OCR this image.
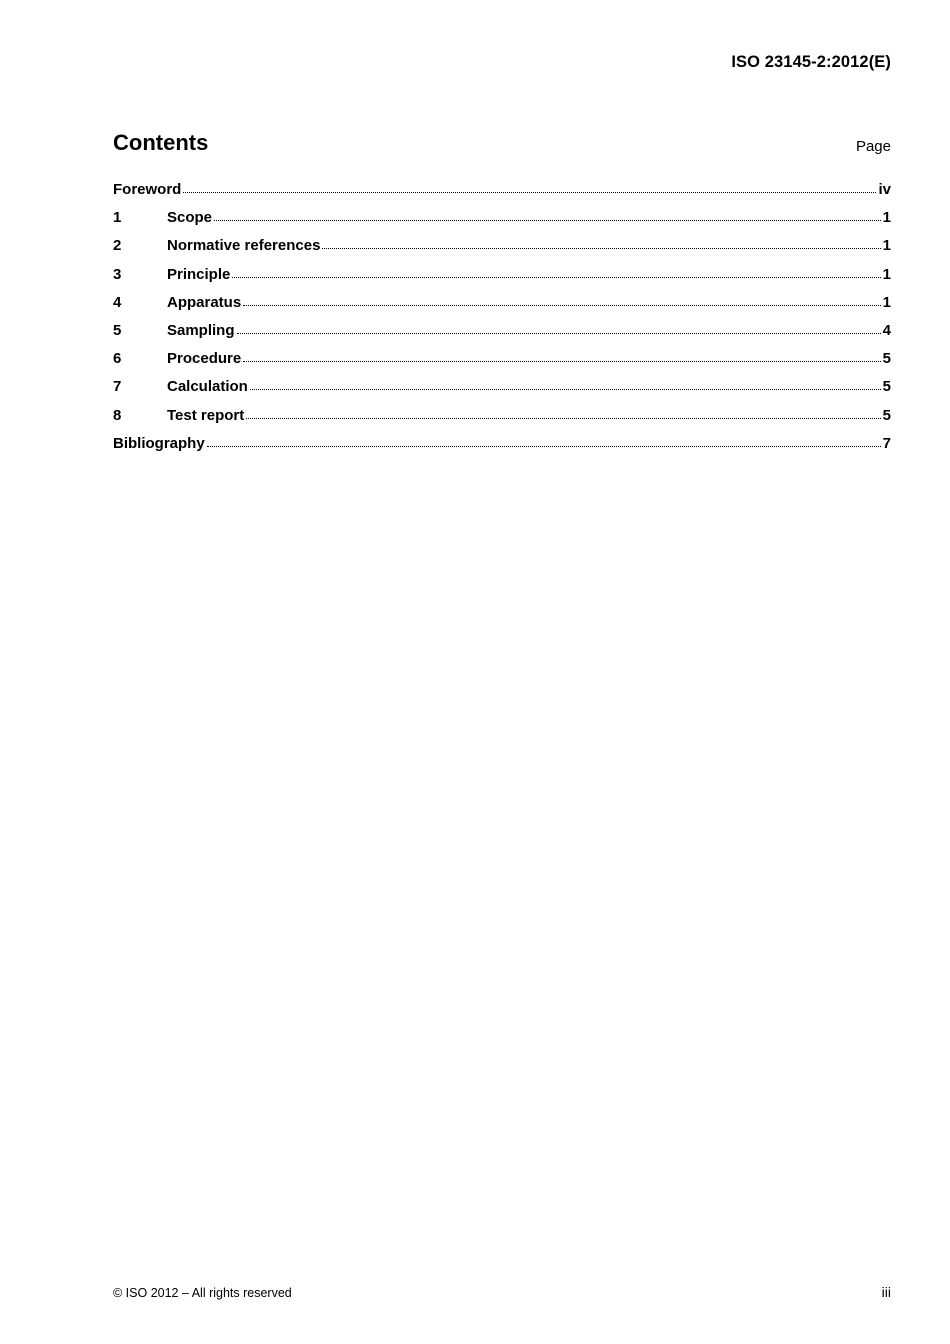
ISO 23145-2:2012(E)
Contents	Page
Foreword	iv
1	Scope	1
2	Normative references	1
3	Principle	1
4	Apparatus	1
5	Sampling	4
6	Procedure	5
7	Calculation	5
8	Test report	5
Bibliography	7
© ISO 2012 – All rights reserved	iii
